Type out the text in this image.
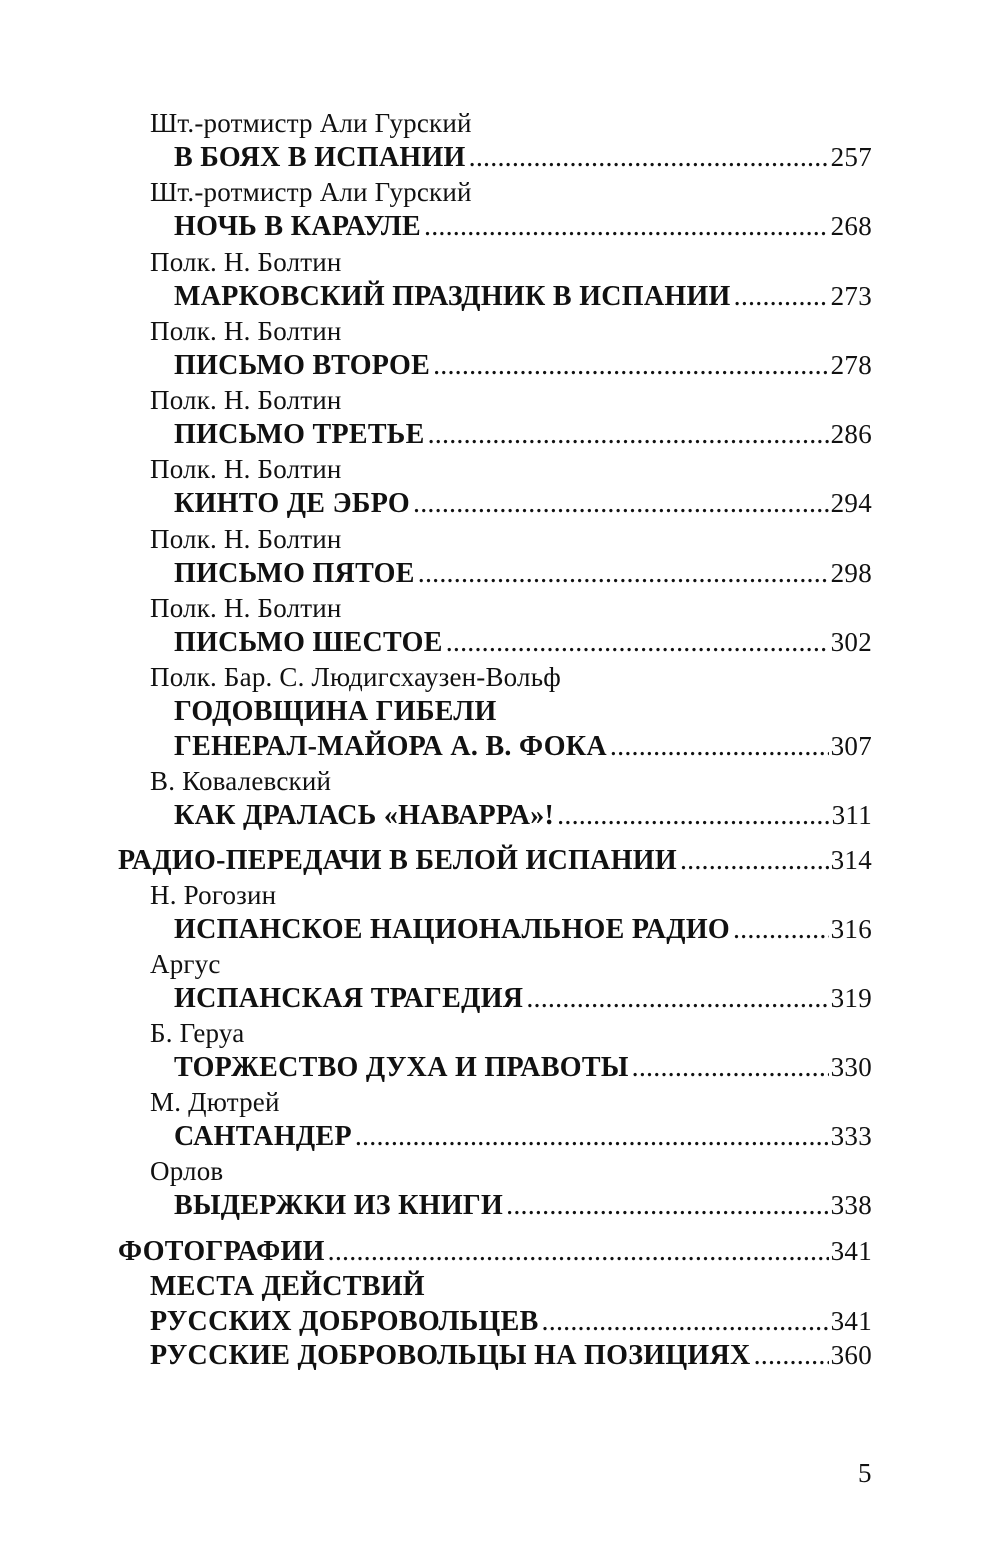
Шт.-ротмистр Али Гурский
В БОЯХ В ИСПАНИИ .....	257
Шт.-ротмистр Али Гурский
НОЧЬ В КАРАУЛЕ .....	268
Полк. Н. Болтин
МАРКОВСКИЙ ПРАЗДНИК В ИСПАНИИ .....	273
Полк. Н. Болтин
ПИСЬМО ВТОРОЕ .....	278
Полк. Н. Болтин
ПИСЬМО ТРЕТЬЕ .....	286
Полк. Н. Болтин
КИНТО ДЕ ЭБРО .....	294
Полк. Н. Болтин
ПИСЬМО ПЯТОЕ .....	298
Полк. Н. Болтин
ПИСЬМО ШЕСТОЕ .....	302
Полк. Бар. С. Людигсхаузен-Вольф
ГОДОВЩИНА ГИБЕЛИ
ГЕНЕРАЛ-МАЙОРА А. В. ФОКА .....	307
В. Ковалевский
КАК ДРАЛАСЬ «НАВАРРА»! .....	311
РАДИО-ПЕРЕДАЧИ В БЕЛОЙ ИСПАНИИ .....	314
Н. Рогозин
ИСПАНСКОЕ НАЦИОНАЛЬНОЕ РАДИО .....	316
Аргус
ИСПАНСКАЯ ТРАГЕДИЯ .....	319
Б. Геруа
ТОРЖЕСТВО ДУХА И ПРАВОТЫ .....	330
М. Дютрей
САНТАНДЕР .....	333
Орлов
ВЫДЕРЖКИ ИЗ КНИГИ .....	338
ФОТОГРАФИИ .....	341
МЕСТА ДЕЙСТВИЙ
РУССКИХ ДОБРОВОЛЬЦЕВ .....	341
РУССКИЕ ДОБРОВОЛЬЦЫ НА ПОЗИЦИЯХ .....	360
5
